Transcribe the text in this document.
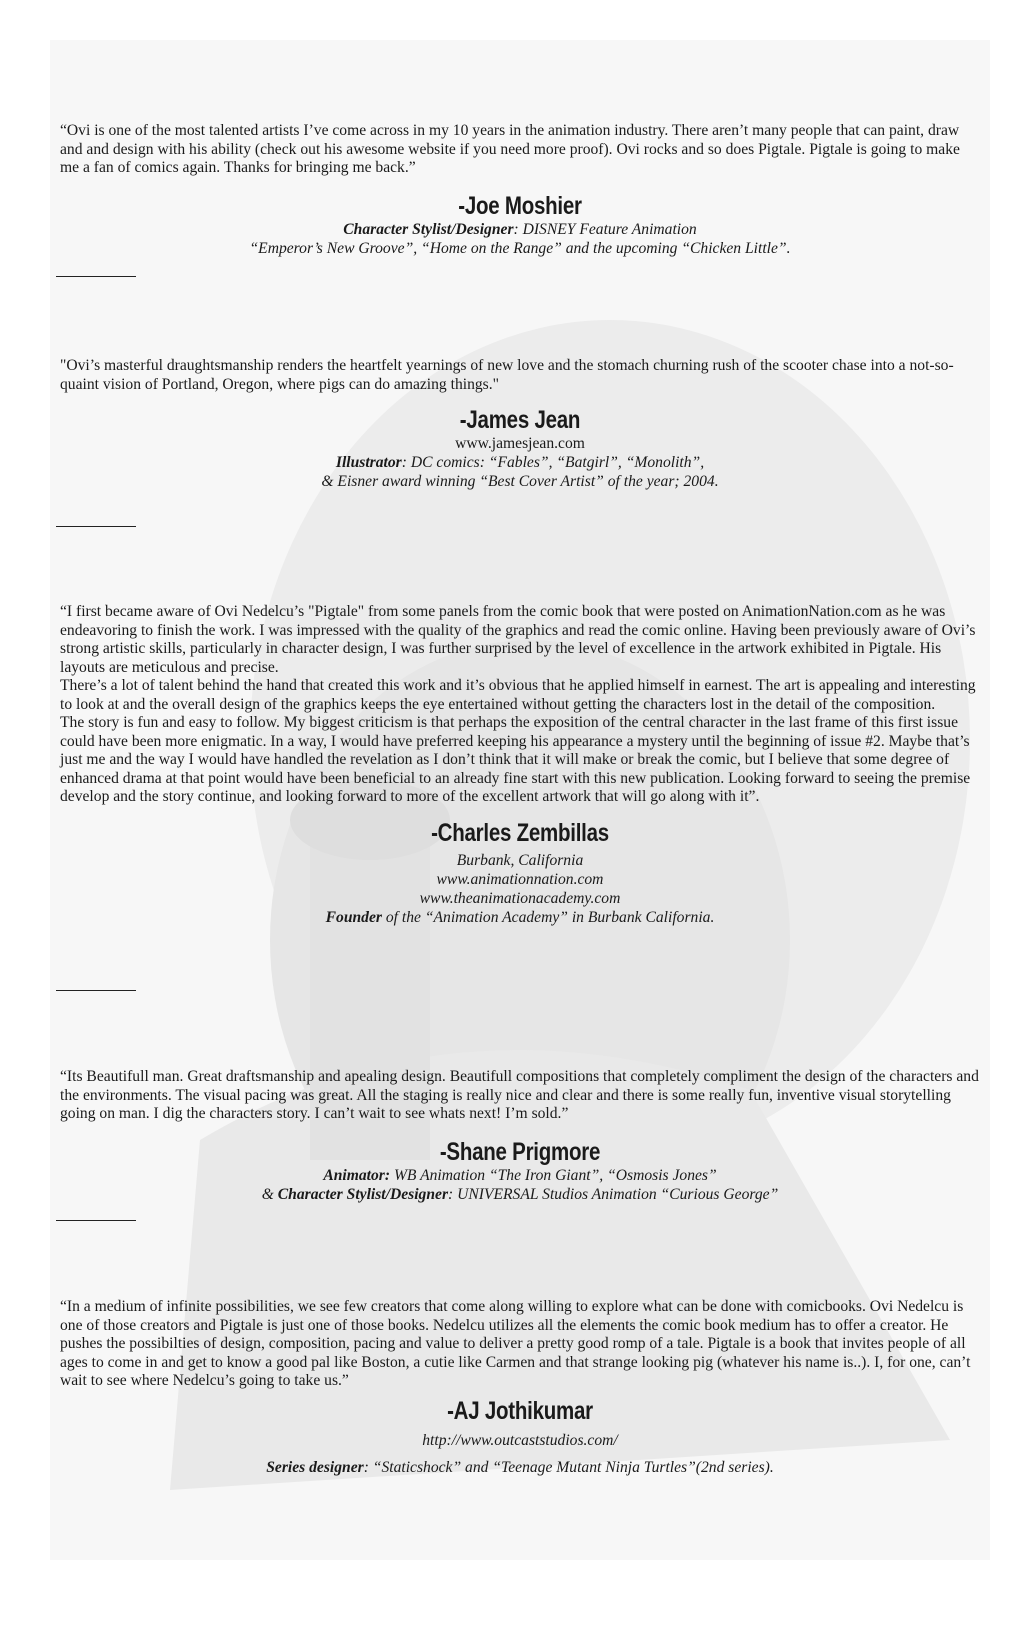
“Ovi is one of the most talented artists I’ve come across in my 10 years in the animation industry. There aren’t many people that can paint, draw and and design with his ability (check out his awesome website if you need more proof). Ovi rocks and so does Pigtale. Pigtale is going to make me a fan of comics again. Thanks for bringing me back.”

-Joe Moshier
Character Stylist/Designer: DISNEY Feature Animation
“Emperor’s New Groove”, “Home on the Range” and the upcoming “Chicken Little”.

"Ovi’s masterful draughtsmanship renders the heartfelt yearnings of new love and the stomach churning rush of the scooter chase into a not-so-quaint vision of Portland, Oregon, where pigs can do amazing things."

-James Jean
www.jamesjean.com
Illustrator: DC comics: “Fables”, “Batgirl”, “Monolith”,
& Eisner award winning “Best Cover Artist” of the year; 2004.

“I first became aware of Ovi Nedelcu’s "Pigtale" from some panels from the comic book that were posted on AnimationNation.com as he was endeavoring to finish the work. I was impressed with the quality of the graphics and read the comic online. Having been previously aware of Ovi’s strong artistic skills, particularly in character design, I was further surprised by the level of excellence in the artwork exhibited in Pigtale. His layouts are meticulous and precise.

There’s a lot of talent behind the hand that created this work and it’s obvious that he applied himself in earnest. The art is appealing and interesting to look at and the overall design of the graphics keeps the eye entertained without getting the characters lost in the detail of the composition.

The story is fun and easy to follow. My biggest criticism is that perhaps the exposition of the central character in the last frame of this first issue could have been more enigmatic. In a way, I would have preferred keeping his appearance a mystery until the beginning of issue #2. Maybe that’s just me and the way I would have handled the revelation as I don’t think that it will make or break the comic, but I believe that some degree of enhanced drama at that point would have been beneficial to an already fine start with this new publication. Looking forward to seeing the premise develop and the story continue, and looking forward to more of the excellent artwork that will go along with it”.

-Charles Zembillas
Burbank, California
www.animationnation.com
www.theanimationacademy.com
Founder of the “Animation Academy” in Burbank California.

“Its Beautifull man. Great draftsmanship and apealing design. Beautifull compositions that completely compliment the design of the characters and the environments. The visual pacing was great. All the staging is really nice and clear and there is some really fun, inventive visual storytelling going on man. I dig the characters story. I can’t wait to see whats next! I’m sold.”

-Shane Prigmore
Animator: WB Animation “The Iron Giant”, “Osmosis Jones”
& Character Stylist/Designer: UNIVERSAL Studios Animation “Curious George”

“In a medium of infinite possibilities, we see few creators that come along willing to explore what can be done with comicbooks. Ovi Nedelcu is one of those creators and Pigtale is just one of those books. Nedelcu utilizes all the elements the comic book medium has to offer a creator. He pushes the possibilties of design, composition, pacing and value to deliver a pretty good romp of a tale. Pigtale is a book that invites people of all ages to come in and get to know a good pal like Boston, a cutie like Carmen and that strange looking pig (whatever his name is..). I, for one, can’t wait to see where Nedelcu’s going to take us.”

-AJ Jothikumar
http://www.outcaststudios.com/
Series designer: “Staticshock” and “Teenage Mutant Ninja Turtles”(2nd series).
